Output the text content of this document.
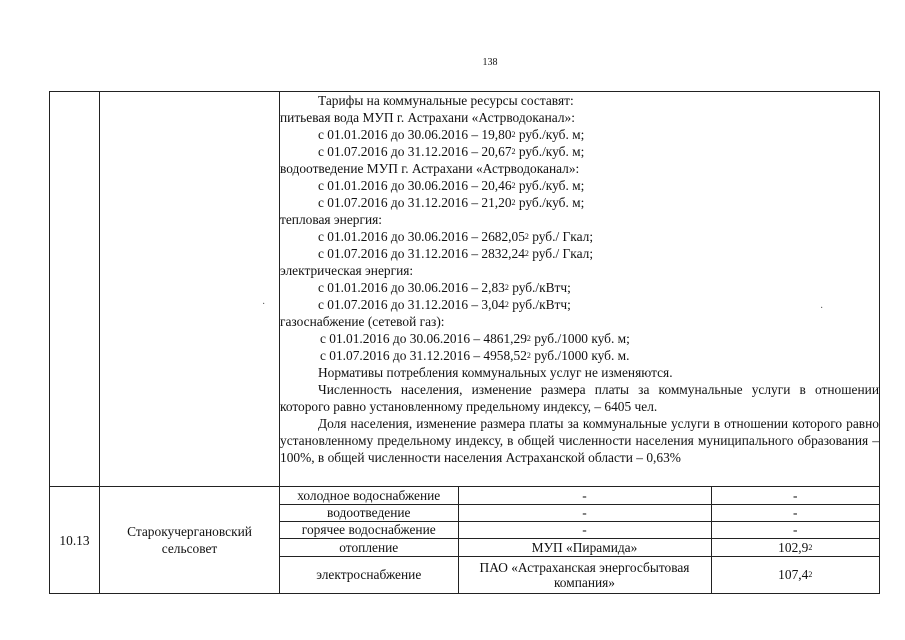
138
·	·

Тарифы на коммунальные ресурсы составят:
питьевая вода МУП г. Астрахани «Астрводоканал»:
с 01.01.2016 до 30.06.2016 – 19,80$^2$ руб./куб. м;
с 01.07.2016 до 31.12.2016 – 20,67$^2$ руб./куб. м;
водоотведение МУП г. Астрахани «Астрводоканал»:
с 01.01.2016 до 30.06.2016 – 20,46$^2$ руб./куб. м;
с 01.07.2016 до 31.12.2016 – 21,20$^2$ руб./куб. м;
тепловая энергия:
с 01.01.2016 до 30.06.2016 – 2682,05$^2$ руб./ Гкал;
с 01.07.2016 до 31.12.2016 – 2832,24$^2$ руб./ Гкал;
электрическая энергия:
с 01.01.2016 до 30.06.2016 – 2,83$^2$ руб./кВтч;
с 01.07.2016 до 31.12.2016 – 3,04$^2$ руб./кВтч;
газоснабжение (сетевой газ):
с 01.01.2016 до 30.06.2016 – 4861,29$^2$ руб./1000 куб. м;
с 01.07.2016 до 31.12.2016 – 4958,52$^2$ руб./1000 куб. м.
Нормативы потребления коммунальных услуг не изменяются.
Численность населения, изменение размера платы за коммунальные услуги в отношении которого равно установленному предельному индексу, – 6405 чел.
Доля населения, изменение размера платы за коммунальные услуги в отношении которого равно установленному предельному индексу, в общей численности населения муниципального образования – 100%, в общей численности населения Астраханской области – 0,63%

10.13	Старокучергановский сельсовет	
холодное водоснабжение	-	-
водоотведение	-	-
горячее водоснабжение	-	-
отопление	МУП «Пирамида»	102,9$^2$
электроснабжение	ПАО «Астраханская энергосбытовая компания»	107,4$^2$
